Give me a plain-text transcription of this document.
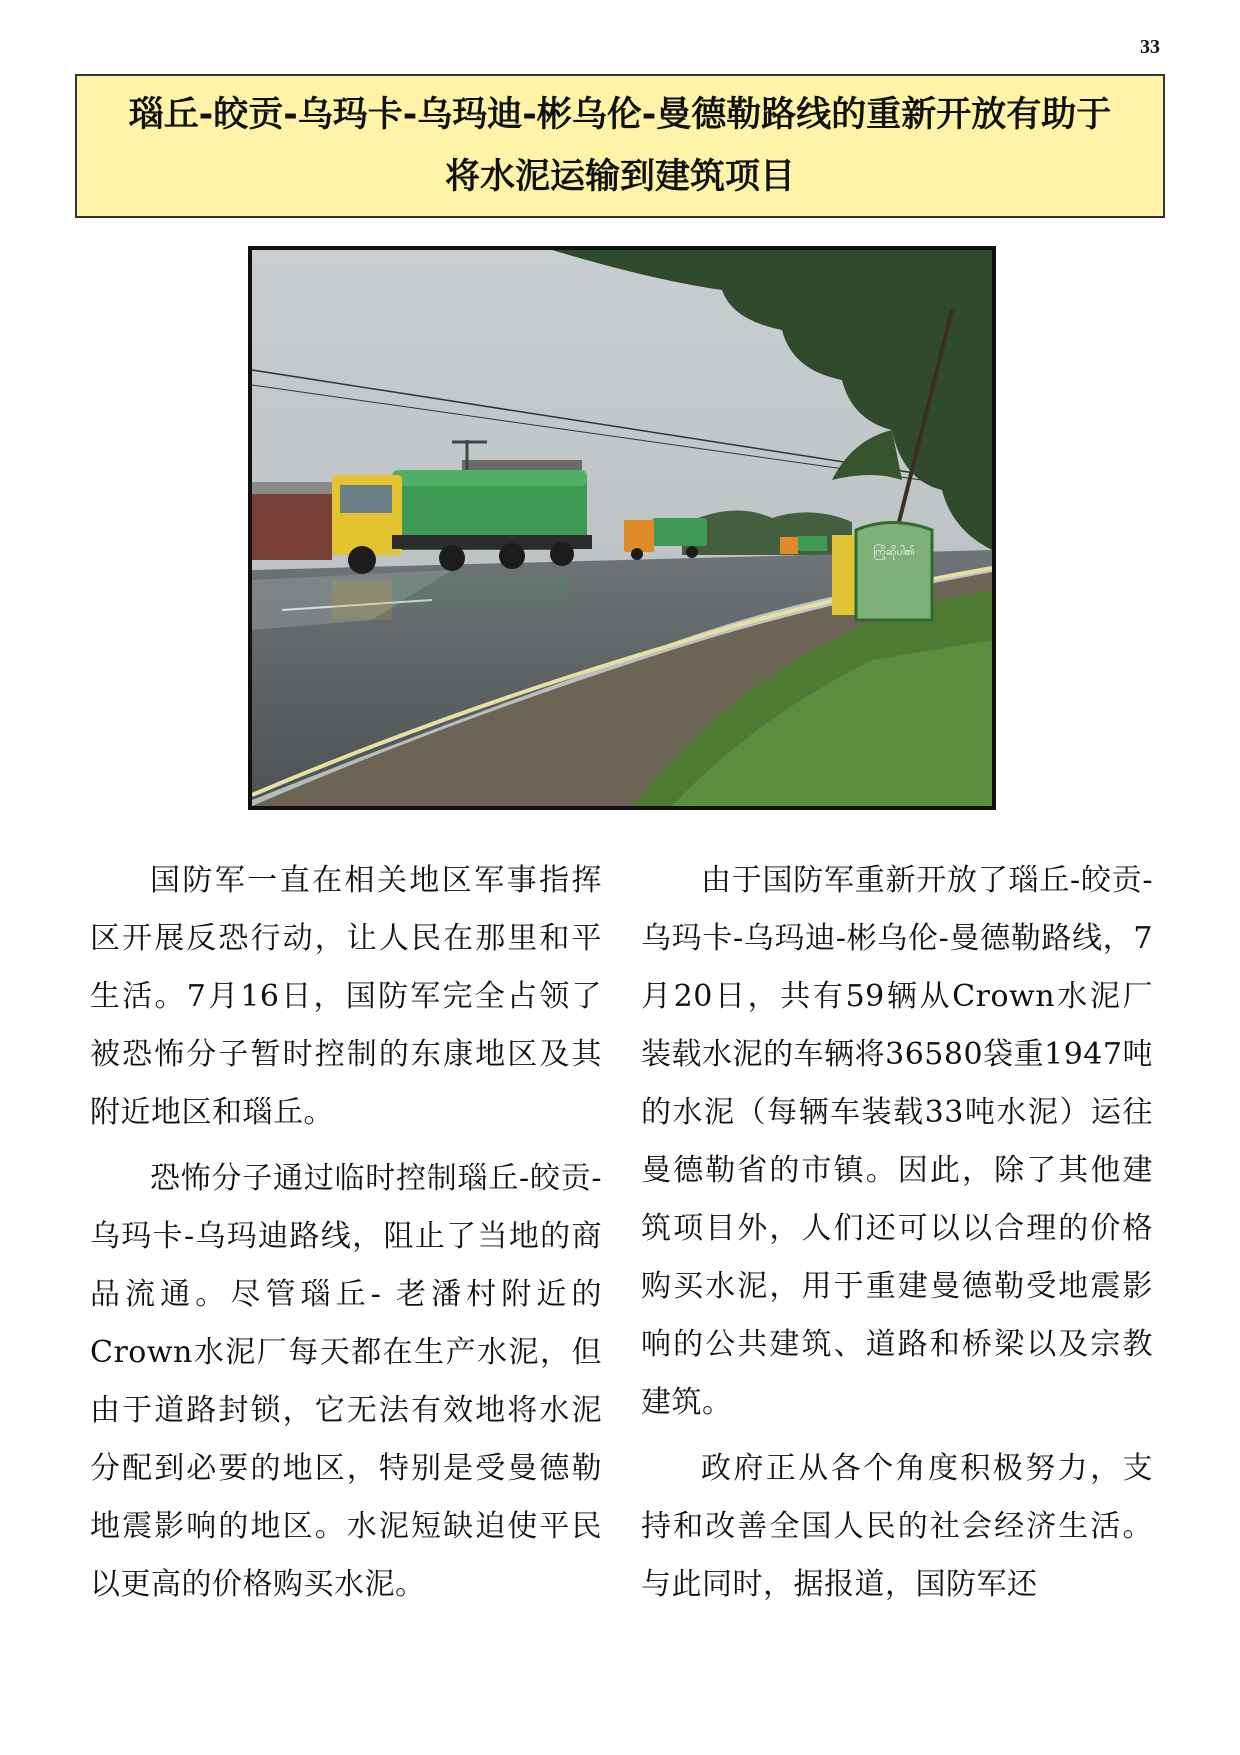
33
瑙丘-皎贡-乌玛卡-乌玛迪-彬乌伦-曼德勒路线的重新开放有助于
将水泥运输到建筑项目
ကြိုဆိုပါ၏

国防军一直在相关地区军事指挥区开展反恐行动，让人民在那里和平生活。7月16日，国防军完全占领了被恐怖分子暂时控制的东康地区及其附近地区和瑙丘。

恐怖分子通过临时控制瑙丘-皎贡-乌玛卡-乌玛迪路线，阻止了当地的商品流通。尽管瑙丘- 老潘村附近的Crown水泥厂每天都在生产水泥，但由于道路封锁，它无法有效地将水泥分配到必要的地区，特别是受曼德勒地震影响的地区。水泥短缺迫使平民以更高的价格购买水泥。

由于国防军重新开放了瑙丘-皎贡-乌玛卡-乌玛迪-彬乌伦-曼德勒路线，7月20日，共有59辆从Crown水泥厂装载水泥的车辆将36580袋重1947吨的水泥（每辆车装载33吨水泥）运往曼德勒省的市镇。因此，除了其他建筑项目外，人们还可以以合理的价格购买水泥，用于重建曼德勒受地震影响的公共建筑、道路和桥梁以及宗教建筑。

政府正从各个角度积极努力，支持和改善全国人民的社会经济生活。与此同时，据报道，国防军还
